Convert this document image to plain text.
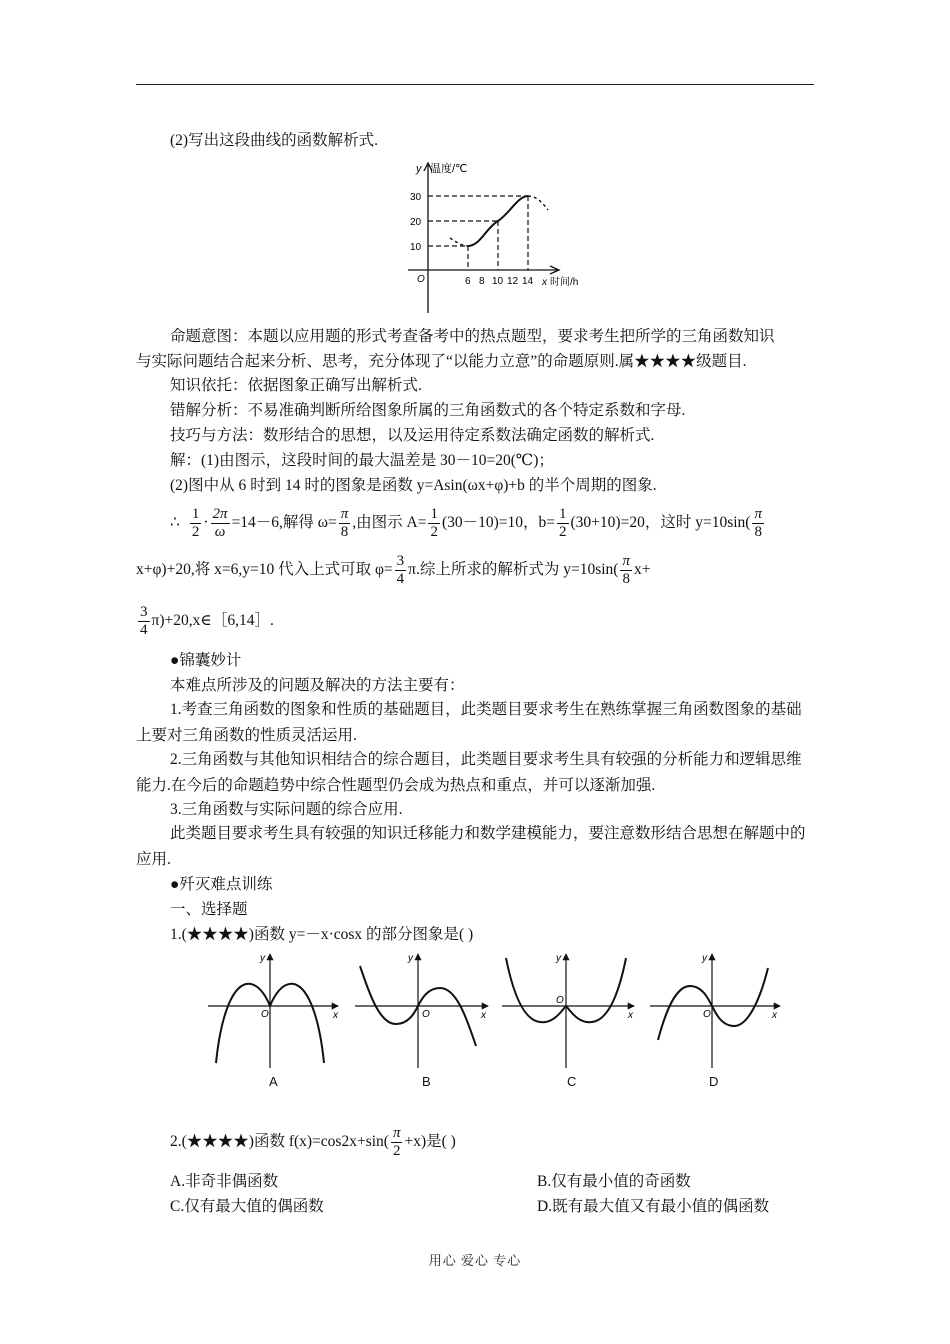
(2)写出这段曲线的函数解析式.
y 温度/℃
30
20
10
O	6 8 10 12 14 x 时间/h
命题意图：本题以应用题的形式考查备考中的热点题型，要求考生把所学的三角函数知识
与实际问题结合起来分析、思考，充分体现了“以能力立意”的命题原则.属★★★★级题目.
知识依托：依据图象正确写出解析式.
错解分析：不易准确判断所给图象所属的三角函数式的各个特定系数和字母.
技巧与方法：数形结合的思想，以及运用待定系数法确定函数的解析式.
解：(1)由图示，这段时间的最大温差是 30－10=20(℃)；
(2)图中从 6 时到 14 时的图象是函数 y=Asin(ωx+φ)+b 的半个周期的图象.
∴ $\frac{1}{2} \cdot \frac{2\pi}{\omega} =14-6$,解得 $\omega= \frac{\pi}{8}$ ,由图示 $A= \frac{1}{2} (30-10)=10$，$b= \frac{1}{2} (30+10)=20$，这时 $y=10\sin( \frac{\pi}{8}$
x+φ)+20,将 x=6,y=10 代入上式可取 $\varphi= \frac{3}{4} \pi$.综上所求的解析式为 $y=10\sin( \frac{\pi}{8} x+$
$\frac{3}{4}$ π)+20,x∈［6,14］.
●锦囊妙计
本难点所涉及的问题及解决的方法主要有：
1.考查三角函数的图象和性质的基础题目，此类题目要求考生在熟练掌握三角函数图象的基础上要对三角函数的性质灵活运用.
2.三角函数与其他知识相结合的综合题目，此类题目要求考生具有较强的分析能力和逻辑思维能力.在今后的命题趋势中综合性题型仍会成为热点和重点，并可以逐渐加强.
3.三角函数与实际问题的综合应用.
此类题目要求考生具有较强的知识迁移能力和数学建模能力，要注意数形结合思想在解题中的应用.
●歼灭难点训练
一、选择题
1.(★★★★)函数 y=－x·cosx 的部分图象是( )
y
x
O
y
x
O
y
x
O
y
x
O
A	B	C	D
2.(★★★★)函数 $f(x)=\cos 2x+\sin( \frac{\pi}{2} +x)$是( )
A.非奇非偶函数	B.仅有最小值的奇函数
C.仅有最大值的偶函数	D.既有最大值又有最小值的偶函数
用心 爱心 专心
